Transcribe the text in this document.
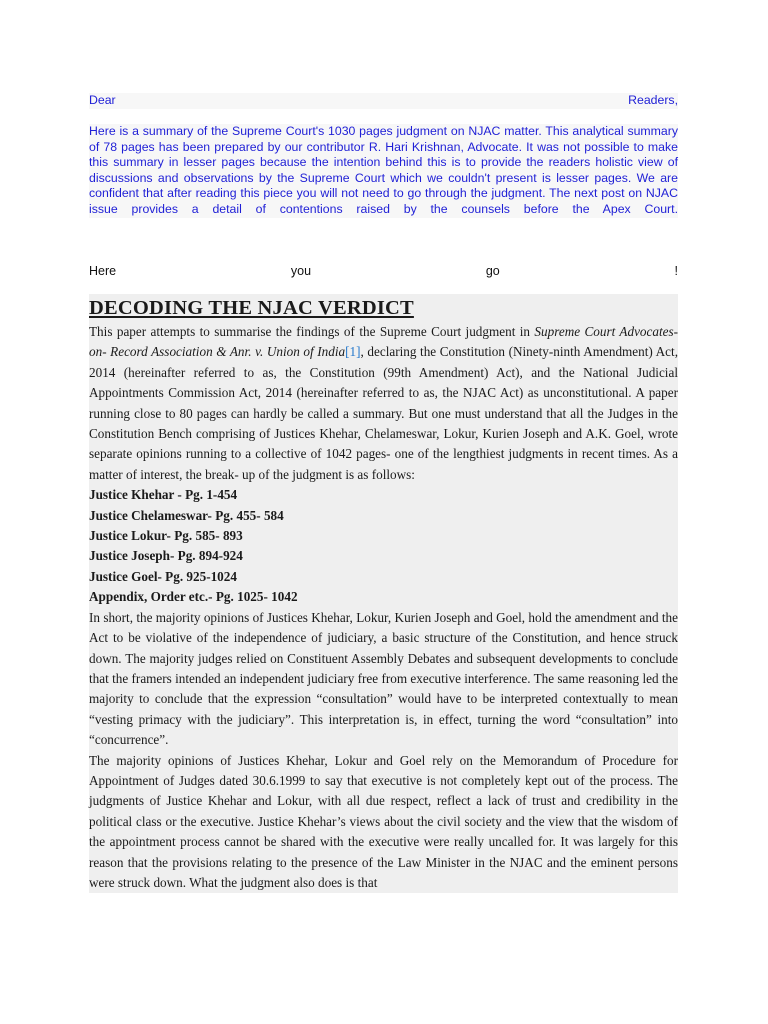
Dear	Readers,
Here is a summary of the Supreme Court's 1030 pages judgment on NJAC matter. This analytical summary of 78 pages has been prepared by our contributor R. Hari Krishnan, Advocate. It was not possible to make this summary in lesser pages because the intention behind this is to provide the readers holistic view of discussions and observations by the Supreme Court which we couldn't present is lesser pages. We are confident that after reading this piece you will not need to go through the judgment. The next post on NJAC issue provides a detail of contentions raised by the counsels before the Apex Court.
Here	you	go	!
DECODING THE NJAC VERDICT

This paper attempts to summarise the findings of the Supreme Court judgment in Supreme Court Advocates-on- Record Association & Anr. v. Union of India[1], declaring the Constitution (Ninety-ninth Amendment) Act, 2014 (hereinafter referred to as, the Constitution (99th Amendment) Act), and the National Judicial Appointments Commission Act, 2014 (hereinafter referred to as, the NJAC Act) as unconstitutional. A paper running close to 80 pages can hardly be called a summary. But one must understand that all the Judges in the Constitution Bench comprising of Justices Khehar, Chelameswar, Lokur, Kurien Joseph and A.K. Goel, wrote separate opinions running to a collective of 1042 pages- one of the lengthiest judgments in recent times. As a matter of interest, the break- up of the judgment is as follows:

Justice Khehar - Pg. 1-454
Justice Chelameswar- Pg. 455- 584
Justice Lokur- Pg. 585- 893
Justice Joseph- Pg. 894-924
Justice Goel- Pg. 925-1024
Appendix, Order etc.- Pg. 1025- 1042

In short, the majority opinions of Justices Khehar, Lokur, Kurien Joseph and Goel, hold the amendment and the Act to be violative of the independence of judiciary, a basic structure of the Constitution, and hence struck down. The majority judges relied on Constituent Assembly Debates and subsequent developments to conclude that the framers intended an independent judiciary free from executive interference. The same reasoning led the majority to conclude that the expression “consultation” would have to be interpreted contextually to mean “vesting primacy with the judiciary”. This interpretation is, in effect, turning the word “consultation” into “concurrence”.

The majority opinions of Justices Khehar, Lokur and Goel rely on the Memorandum of Procedure for Appointment of Judges dated 30.6.1999 to say that executive is not completely kept out of the process. The judgments of Justice Khehar and Lokur, with all due respect, reflect a lack of trust and credibility in the political class or the executive. Justice Khehar’s views about the civil society and the view that the wisdom of the appointment process cannot be shared with the executive were really uncalled for. It was largely for this reason that the provisions relating to the presence of the Law Minister in the NJAC and the eminent persons were struck down. What the judgment also does is that
